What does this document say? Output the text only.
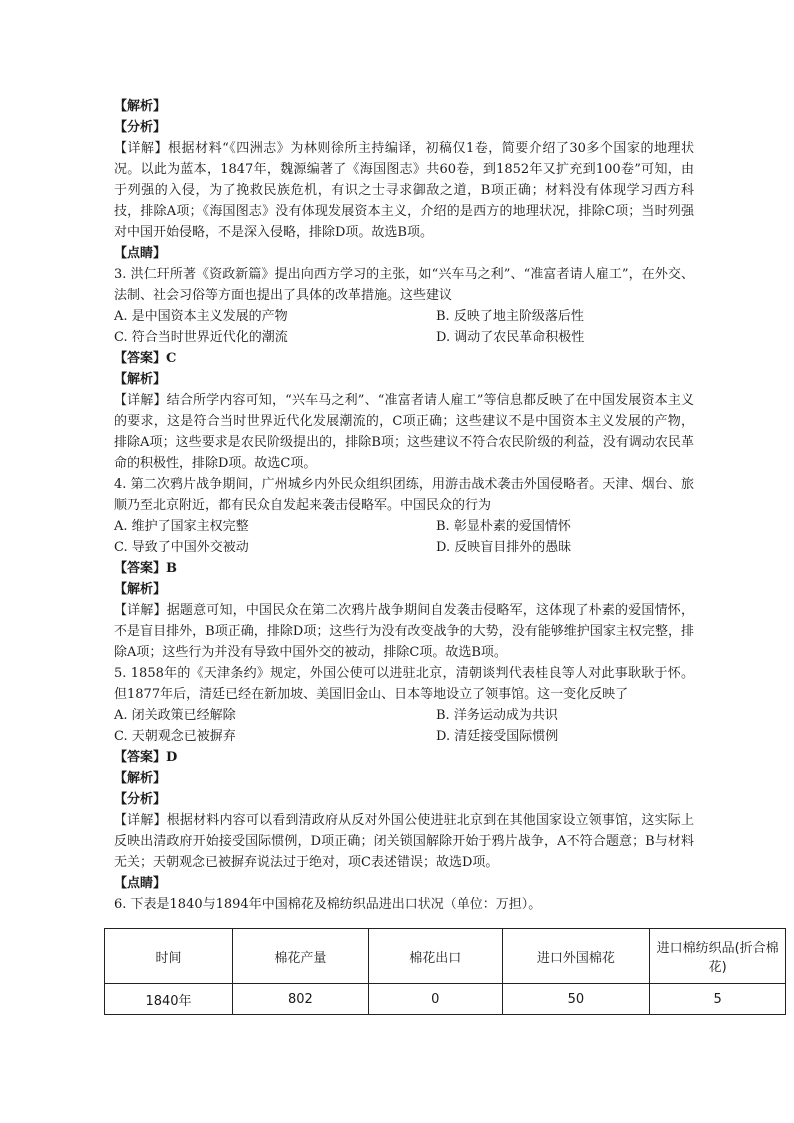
【解析】
【分析】
【详解】根据材料“《四洲志》为林则徐所主持编译，初稿仅1卷，简要介绍了30多个国家的地理状况。以此为蓝本，1847年，魏源编著了《海国图志》共60卷，到1852年又扩充到100卷”可知，由于列强的入侵，为了挽救民族危机，有识之士寻求御敌之道，B项正确；材料没有体现学习西方科技，排除A项；《海国图志》没有体现发展资本主义，介绍的是西方的地理状况，排除C项；当时列强对中国开始侵略，不是深入侵略，排除D项。故选B项。
【点睛】
3. 洪仁玕所著《资政新篇》提出向西方学习的主张，如“兴车马之利”、“准富者请人雇工”，在外交、法制、社会习俗等方面也提出了具体的改革措施。这些建议
A. 是中国资本主义发展的产物	B. 反映了地主阶级落后性
C. 符合当时世界近代化的潮流	D. 调动了农民革命积极性
【答案】C
【解析】
【详解】结合所学内容可知，“兴车马之利”、“准富者请人雇工”等信息都反映了在中国发展资本主义的要求，这是符合当时世界近代化发展潮流的，C项正确；这些建议不是中国资本主义发展的产物，排除A项；这些要求是农民阶级提出的，排除B项；这些建议不符合农民阶级的利益，没有调动农民革命的积极性，排除D项。故选C项。
4. 第二次鸦片战争期间，广州城乡内外民众组织团练，用游击战术袭击外国侵略者。天津、烟台、旅顺乃至北京附近，都有民众自发起来袭击侵略军。中国民众的行为
A. 维护了国家主权完整	B. 彰显朴素的爱国情怀
C. 导致了中国外交被动	D. 反映盲目排外的愚昧
【答案】B
【解析】
【详解】据题意可知，中国民众在第二次鸦片战争期间自发袭击侵略军，这体现了朴素的爱国情怀，不是盲目排外，B项正确，排除D项；这些行为没有改变战争的大势，没有能够维护国家主权完整，排除A项；这些行为并没有导致中国外交的被动，排除C项。故选B项。
5. 1858年的《天津条约》规定，外国公使可以进驻北京，清朝谈判代表桂良等人对此事耿耿于怀。但1877年后，清廷已经在新加坡、美国旧金山、日本等地设立了领事馆。这一变化反映了
A. 闭关政策已经解除	B. 洋务运动成为共识
C. 天朝观念已被摒弃	D. 清廷接受国际惯例
【答案】D
【解析】
【分析】
【详解】根据材料内容可以看到清政府从反对外国公使进驻北京到在其他国家设立领事馆，这实际上反映出清政府开始接受国际惯例，D项正确；闭关锁国解除开始于鸦片战争，A不符合题意；B与材料无关；天朝观念已被摒弃说法过于绝对，项C表述错误；故选D项。
【点睛】
6. 下表是1840与1894年中国棉花及棉纺织品进出口状况（单位：万担）。
时间	棉花产量	棉花出口	进口外国棉花	进口棉纺织品(折合棉花)
1840年	802	0	50	5
